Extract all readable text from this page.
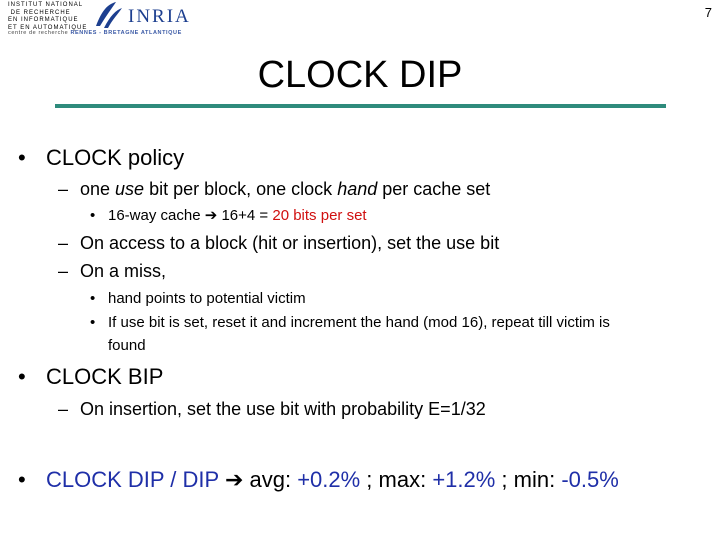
INSTITUT NATIONAL
DE RECHERCHE
EN INFORMATIQUE
ET EN AUTOMATIQUE
INRIA
centre de recherche RENNES - BRETAGNE ATLANTIQUE
7
CLOCK DIP
• CLOCK policy
– one use bit per block, one clock hand per cache set
• 16-way cache ➔ 16+4 = 20 bits per set
– On access to a block (hit or insertion), set the use bit
– On a miss,
• hand points to potential victim
• If use bit is set, reset it and increment the hand (mod 16), repeat till victim is
found
• CLOCK BIP
– On insertion, set the use bit with probability E=1/32
• CLOCK DIP / DIP ➔ avg: +0.2% ; max: +1.2% ; min: -0.5%
